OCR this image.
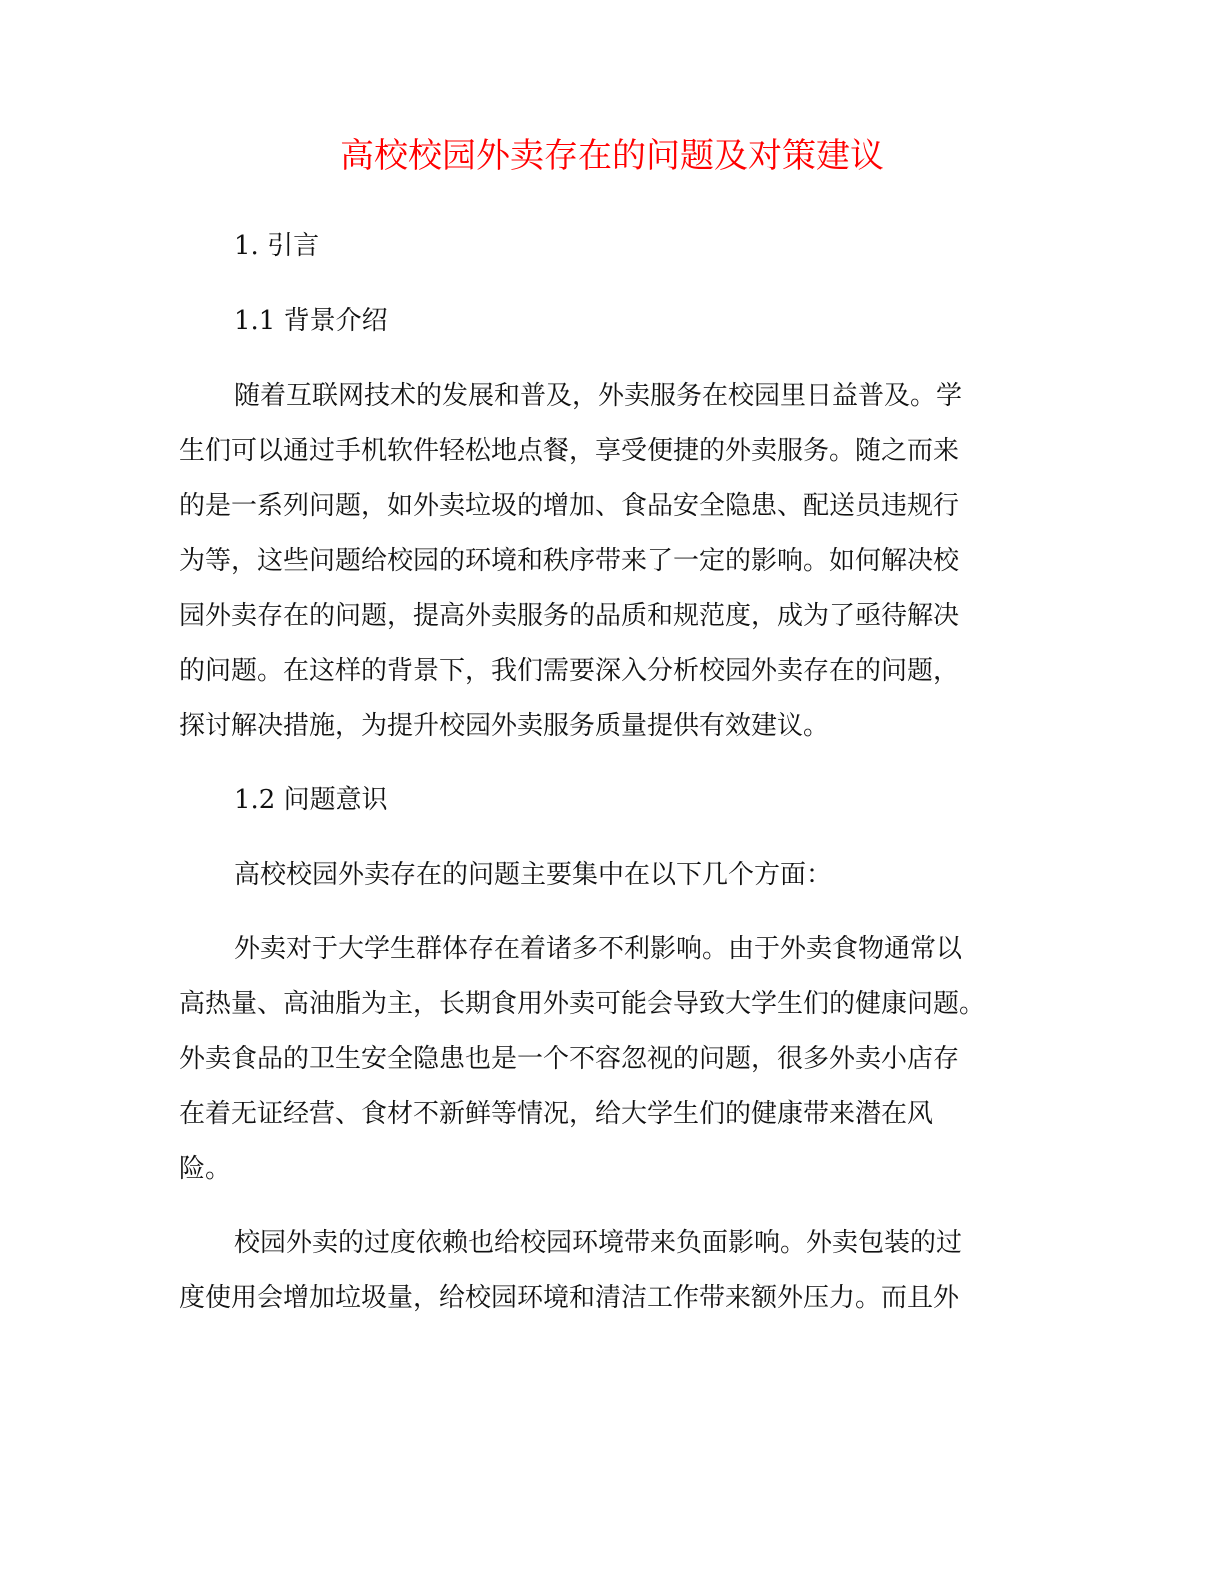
高校校园外卖存在的问题及对策建议
1. 引言
1.1 背景介绍
随着互联网技术的发展和普及，外卖服务在校园里日益普及。学
生们可以通过手机软件轻松地点餐，享受便捷的外卖服务。随之而来
的是一系列问题，如外卖垃圾的增加、食品安全隐患、配送员违规行
为等，这些问题给校园的环境和秩序带来了一定的影响。如何解决校
园外卖存在的问题，提高外卖服务的品质和规范度，成为了亟待解决
的问题。在这样的背景下，我们需要深入分析校园外卖存在的问题，
探讨解决措施，为提升校园外卖服务质量提供有效建议。
1.2 问题意识
高校校园外卖存在的问题主要集中在以下几个方面：
外卖对于大学生群体存在着诸多不利影响。由于外卖食物通常以
高热量、高油脂为主，长期食用外卖可能会导致大学生们的健康问题。
外卖食品的卫生安全隐患也是一个不容忽视的问题，很多外卖小店存
在着无证经营、食材不新鲜等情况，给大学生们的健康带来潜在风
险。
校园外卖的过度依赖也给校园环境带来负面影响。外卖包装的过
度使用会增加垃圾量，给校园环境和清洁工作带来额外压力。而且外
